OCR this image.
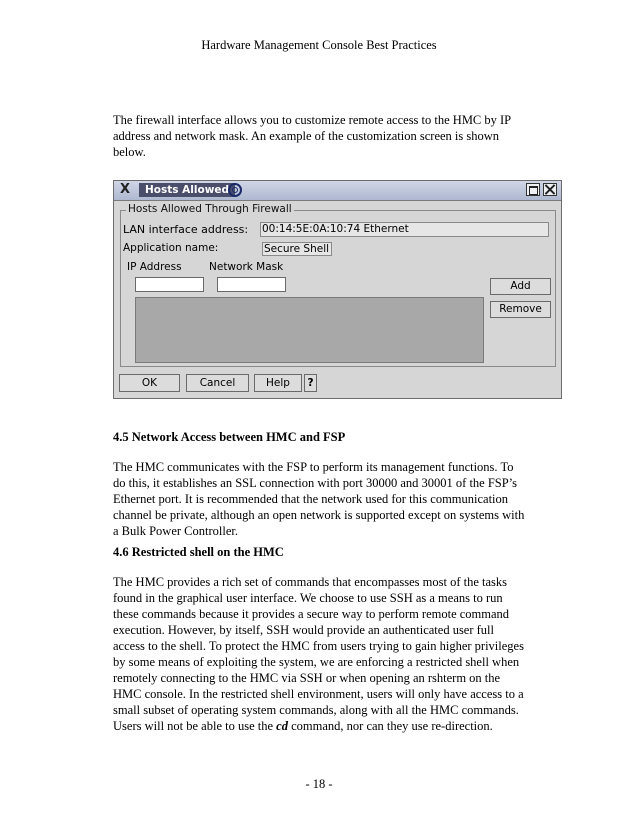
Hardware Management Console Best Practices
The firewall interface allows you to customize remote access to the HMC by IP
address and network mask. An example of the customization screen is shown
below.
X	Hosts Allowed
Hosts Allowed Through Firewall
LAN interface address: 00:14:5E:0A:10:74 Ethernet
Application name:	Secure Shell
IP Address	Network Mask
Add
Remove
OK	Cancel	Help	?
4.5 Network Access between HMC and FSP
The HMC communicates with the FSP to perform its management functions. To
do this, it establishes an SSL connection with port 30000 and 30001 of the FSP’s
Ethernet port. It is recommended that the network used for this communication
channel be private, although an open network is supported except on systems with
a Bulk Power Controller.
4.6 Restricted shell on the HMC
The HMC provides a rich set of commands that encompasses most of the tasks
found in the graphical user interface. We choose to use SSH as a means to run
these commands because it provides a secure way to perform remote command
execution. However, by itself, SSH would provide an authenticated user full
access to the shell. To protect the HMC from users trying to gain higher privileges
by some means of exploiting the system, we are enforcing a restricted shell when
remotely connecting to the HMC via SSH or when opening an rshterm on the
HMC console. In the restricted shell environment, users will only have access to a
small subset of operating system commands, along with all the HMC commands.
Users will not be able to use the cd command, nor can they use re-direction.
- 18 -
